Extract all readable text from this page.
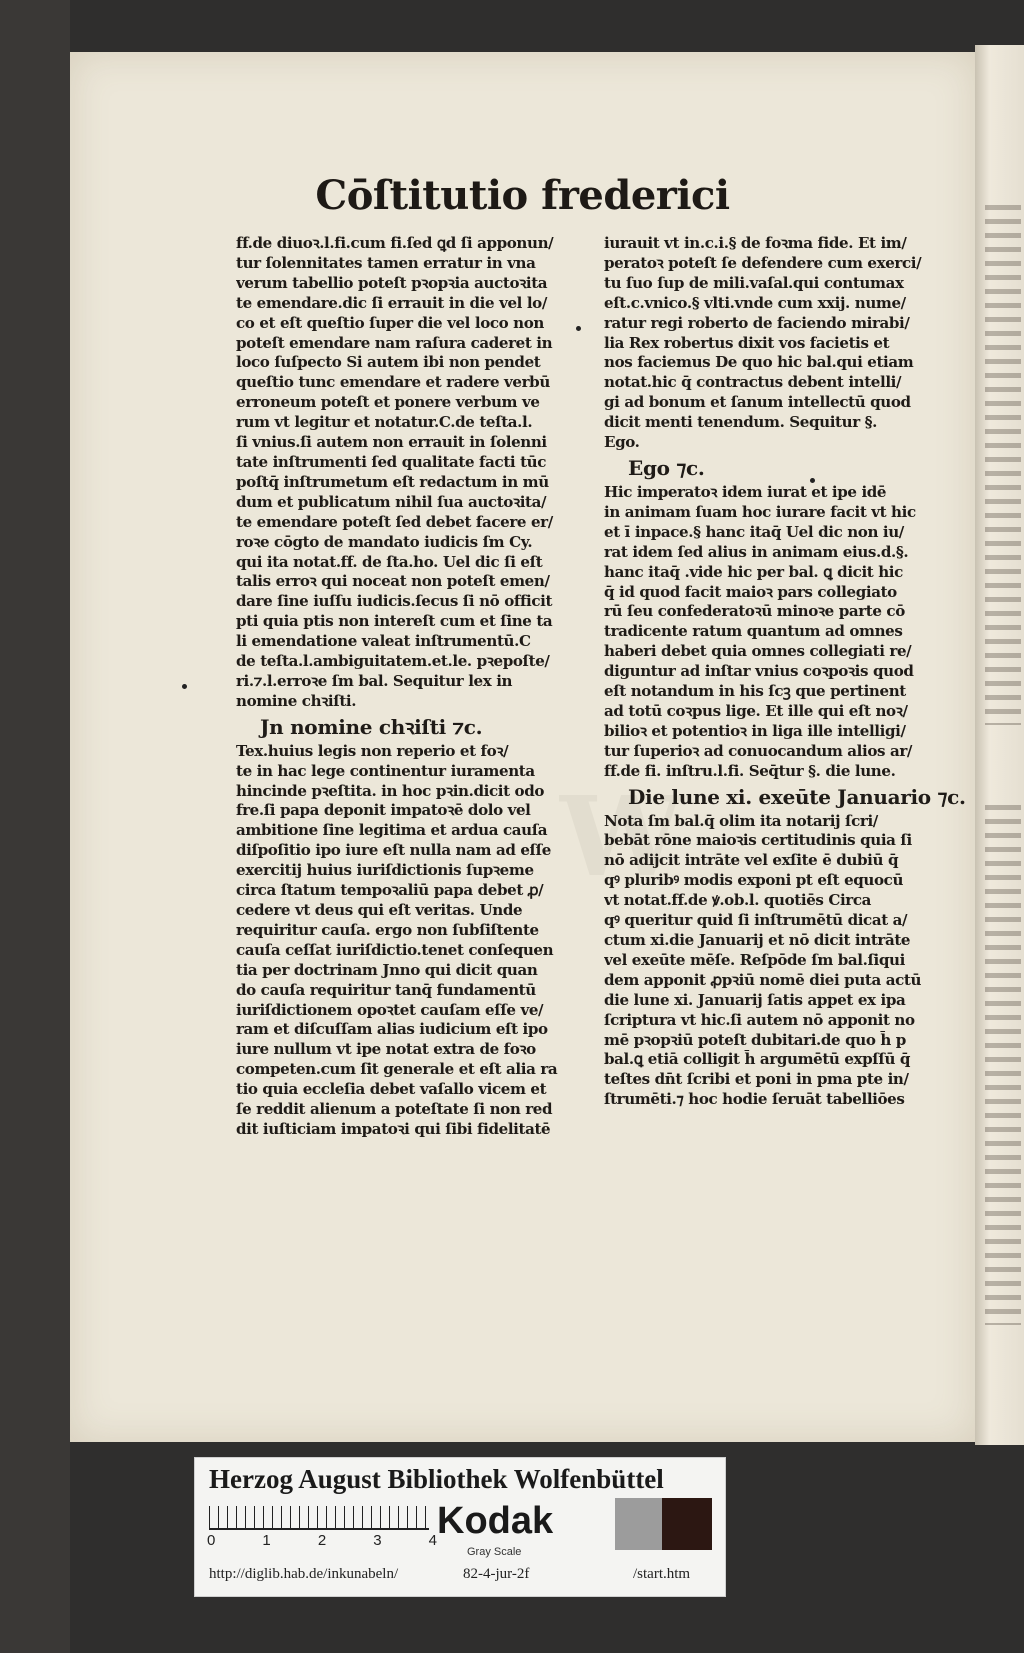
Cōſtitutio frederici
W
ff.de diuoꝛ.l.fi.cum fi.ſed ꝗd ſi apponun/
tur ſolennitates tamen erratur in vna
verum tabellio poteſt pꝛopꝛia auctoꝛita
te emendare.dic ſi errauit in die vel lo/
co et eſt queſtio ſuper die vel loco non
poteſt emendare nam raſura caderet in
loco ſuſpecto Si autem ibi non pendet
queſtio tunc emendare et radere verbū
erroneum poteſt et ponere verbum ve
rum vt legitur et notatur.C.de teſta.l.
ſi vnius.ſi autem non errauit in ſolenni
tate inſtrumenti ſed qualitate facti tūc
poſtq̄ inſtrumetum eſt redactum in mū
dum et publicatum nihil ſua auctoꝛita/
te emendare poteſt ſed debet facere er/
roꝛe cōgto de mandato iudicis ſm Cy.
qui ita notat.ff. de ſta.ho. Uel dic ſi eſt
talis erroꝛ qui noceat non poteſt emen/
dare ſine iuſſu iudicis.ſecus ſi nō officit
pti quia ptis non intereſt cum et ſine ta
li emendatione valeat inſtrumentū.C
de teſta.l.ambiguitatem.et.le. pꝛepoſte/
ri.⁊.l.erroꝛe ſm bal. Sequitur lex in
nomine chꝛiſti.
Jn nomine chꝛiſti ⁊c.
Tex.huius legis non reperio et foꝛ/
te in hac lege continentur iuramenta
hincinde pꝛeſtita. in hoc pꝛin.dicit odo
fre.ſi papa deponit impatoꝛē dolo vel
ambitione ſine legitima et ardua cauſa
diſpoſitio ipo iure eſt nulla nam ad eſſe
exercitij huius iuriſdictionis ſupꝛeme
circa ſtatum tempoꝛaliū papa debet ꝓ/
cedere vt deus qui eſt veritas. Unde
requiritur cauſa. ergo non ſubſiſtente
cauſa ceſſat iuriſdictio.tenet conſequen
tia per doctrinam Jnno qui dicit quan
do cauſa requiritur tanq̄ fundamentū
iuriſdictionem opoꝛtet cauſam eſſe ve/
ram et diſcuſſam alias iudicium eſt ipo
iure nullum vt ipe notat extra de foꝛo
competen.cum ſit generale et eſt alia ra
tio quia eccleſia debet vaſallo vicem et
ſe reddit alienum a poteſtate ſi non red
dit iuſticiam impatoꝛi qui ſibi fidelitatē
iurauit vt in.c.i.§ de foꝛma fide. Et im/
peratoꝛ poteſt ſe defendere cum exerci/
tu ſuo ſup de mili.vaſal.qui contumax
eſt.c.vnico.§ vlti.vnde cum xxij. nume/
ratur regi roberto de faciendo mirabi/
lia Rex robertus dixit vos facietis et
nos faciemus De quo hic bal.qui etiam
notat.hic q̄ contractus debent intelli/
gi ad bonum et ſanum intellectū quod
dicit menti tenendum. Sequitur §.
Ego.
Ego ⁊c.
Hic imperatoꝛ idem iurat et ipe idē
in animam ſuam hoc iurare facit vt hic
et ī inpace.§ hanc itaq̄ Uel dic non iu/
rat idem ſed alius in animam eius.d.§.
hanc itaq̄ .vide hic per bal. ꝗ dicit hic
q̄ id quod facit maioꝛ pars collegiato
rū ſeu confederatoꝛū minoꝛe parte cō
tradicente ratum quantum ad omnes
haberi debet quia omnes collegiati re/
diguntur ad inſtar vnius coꝛpoꝛis quod
eſt notandum in his ſcꝫ que pertinent
ad totū coꝛpus lige. Et ille qui eſt noꝛ/
bilioꝛ et potentioꝛ in liga ille intelligi/
tur ſuperioꝛ ad conuocandum alios ar/
ff.de fi. inſtru.l.fi. Seq̄tur §. die lune.
Die lune xi. exeūte Januario ⁊c.
Nota ſm bal.q̄ olim ita notarij ſcri/
bebāt rōne maioꝛis certitudinis quia ſi
nō adijcit intrāte vel exſite ē dubiū q̄
qꝰ pluribꝰ modis exponi pt eſt equocū
vt notat.ff.de ꝟ.ob.l. quotiēs Circa
qꝰ queritur quid ſi inſtrumētū dicat a/
ctum xi.die Januarij et nō dicit intrāte
vel exeūte mēſe. Reſpōde ſm bal.ſiqui
dem apponit ꝓpꝛiū nomē diei puta actū
die lune xi. Januarij ſatis appet ex ipa
ſcriptura vt hic.ſi autem nō apponit no
mē pꝛopꝛiū poteſt dubitari.de quo h̄ p
bal.ꝗ etiā colligit h̄ argumētū expſſū q̄
teſtes dn̄t ſcribi et poni in pma pte in/
ſtrumēti.⁊ hoc hodie ſeruāt tabelliōes
Herzog August Bibliothek Wolfenbüttel
0	1	2	3	4 Kodak
Gray Scale
http://diglib.hab.de/inkunabeln/	82-4-jur-2f	/start.htm
